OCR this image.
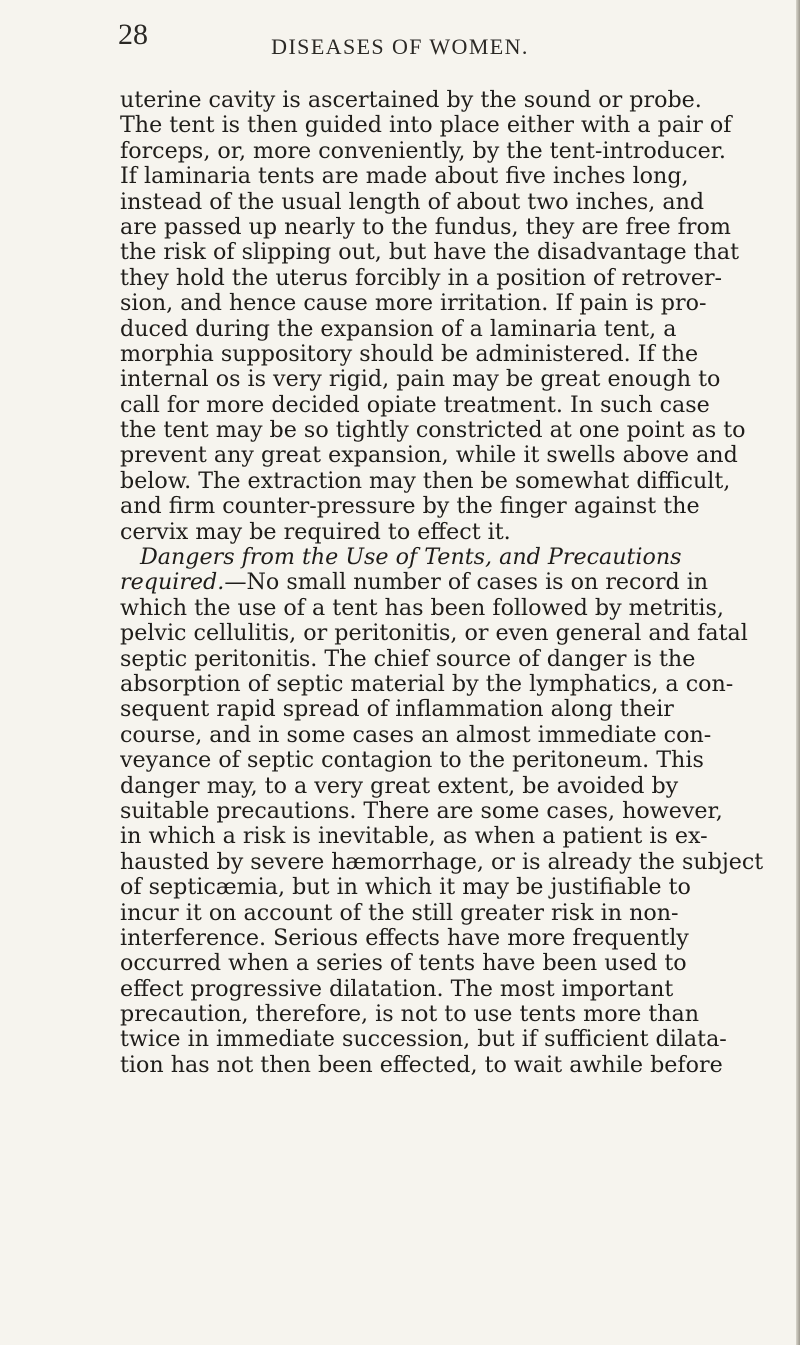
28	DISEASES OF WOMEN.
uterine cavity is ascertained by the sound or probe.
The tent is then guided into place either with a pair of
forceps, or, more conveniently, by the tent-introducer.
If laminaria tents are made about five inches long,
instead of the usual length of about two inches, and
are passed up nearly to the fundus, they are free from
the risk of slipping out, but have the disadvantage that
they hold the uterus forcibly in a position of retrover-
sion, and hence cause more irritation. If pain is pro-
duced during the expansion of a laminaria tent, a
morphia suppository should be administered. If the
internal os is very rigid, pain may be great enough to
call for more decided opiate treatment. In such case
the tent may be so tightly constricted at one point as to
prevent any great expansion, while it swells above and
below. The extraction may then be somewhat difficult,
and firm counter-pressure by the finger against the
cervix may be required to effect it.
Dangers from the Use of Tents, and Precautions
required.—No small number of cases is on record in
which the use of a tent has been followed by metritis,
pelvic cellulitis, or peritonitis, or even general and fatal
septic peritonitis. The chief source of danger is the
absorption of septic material by the lymphatics, a con-
sequent rapid spread of inflammation along their
course, and in some cases an almost immediate con-
veyance of septic contagion to the peritoneum. This
danger may, to a very great extent, be avoided by
suitable precautions. There are some cases, however,
in which a risk is inevitable, as when a patient is ex-
hausted by severe hæmorrhage, or is already the subject
of septicæmia, but in which it may be justifiable to
incur it on account of the still greater risk in non-
interference. Serious effects have more frequently
occurred when a series of tents have been used to
effect progressive dilatation. The most important
precaution, therefore, is not to use tents more than
twice in immediate succession, but if sufficient dilata-
tion has not then been effected, to wait awhile before
